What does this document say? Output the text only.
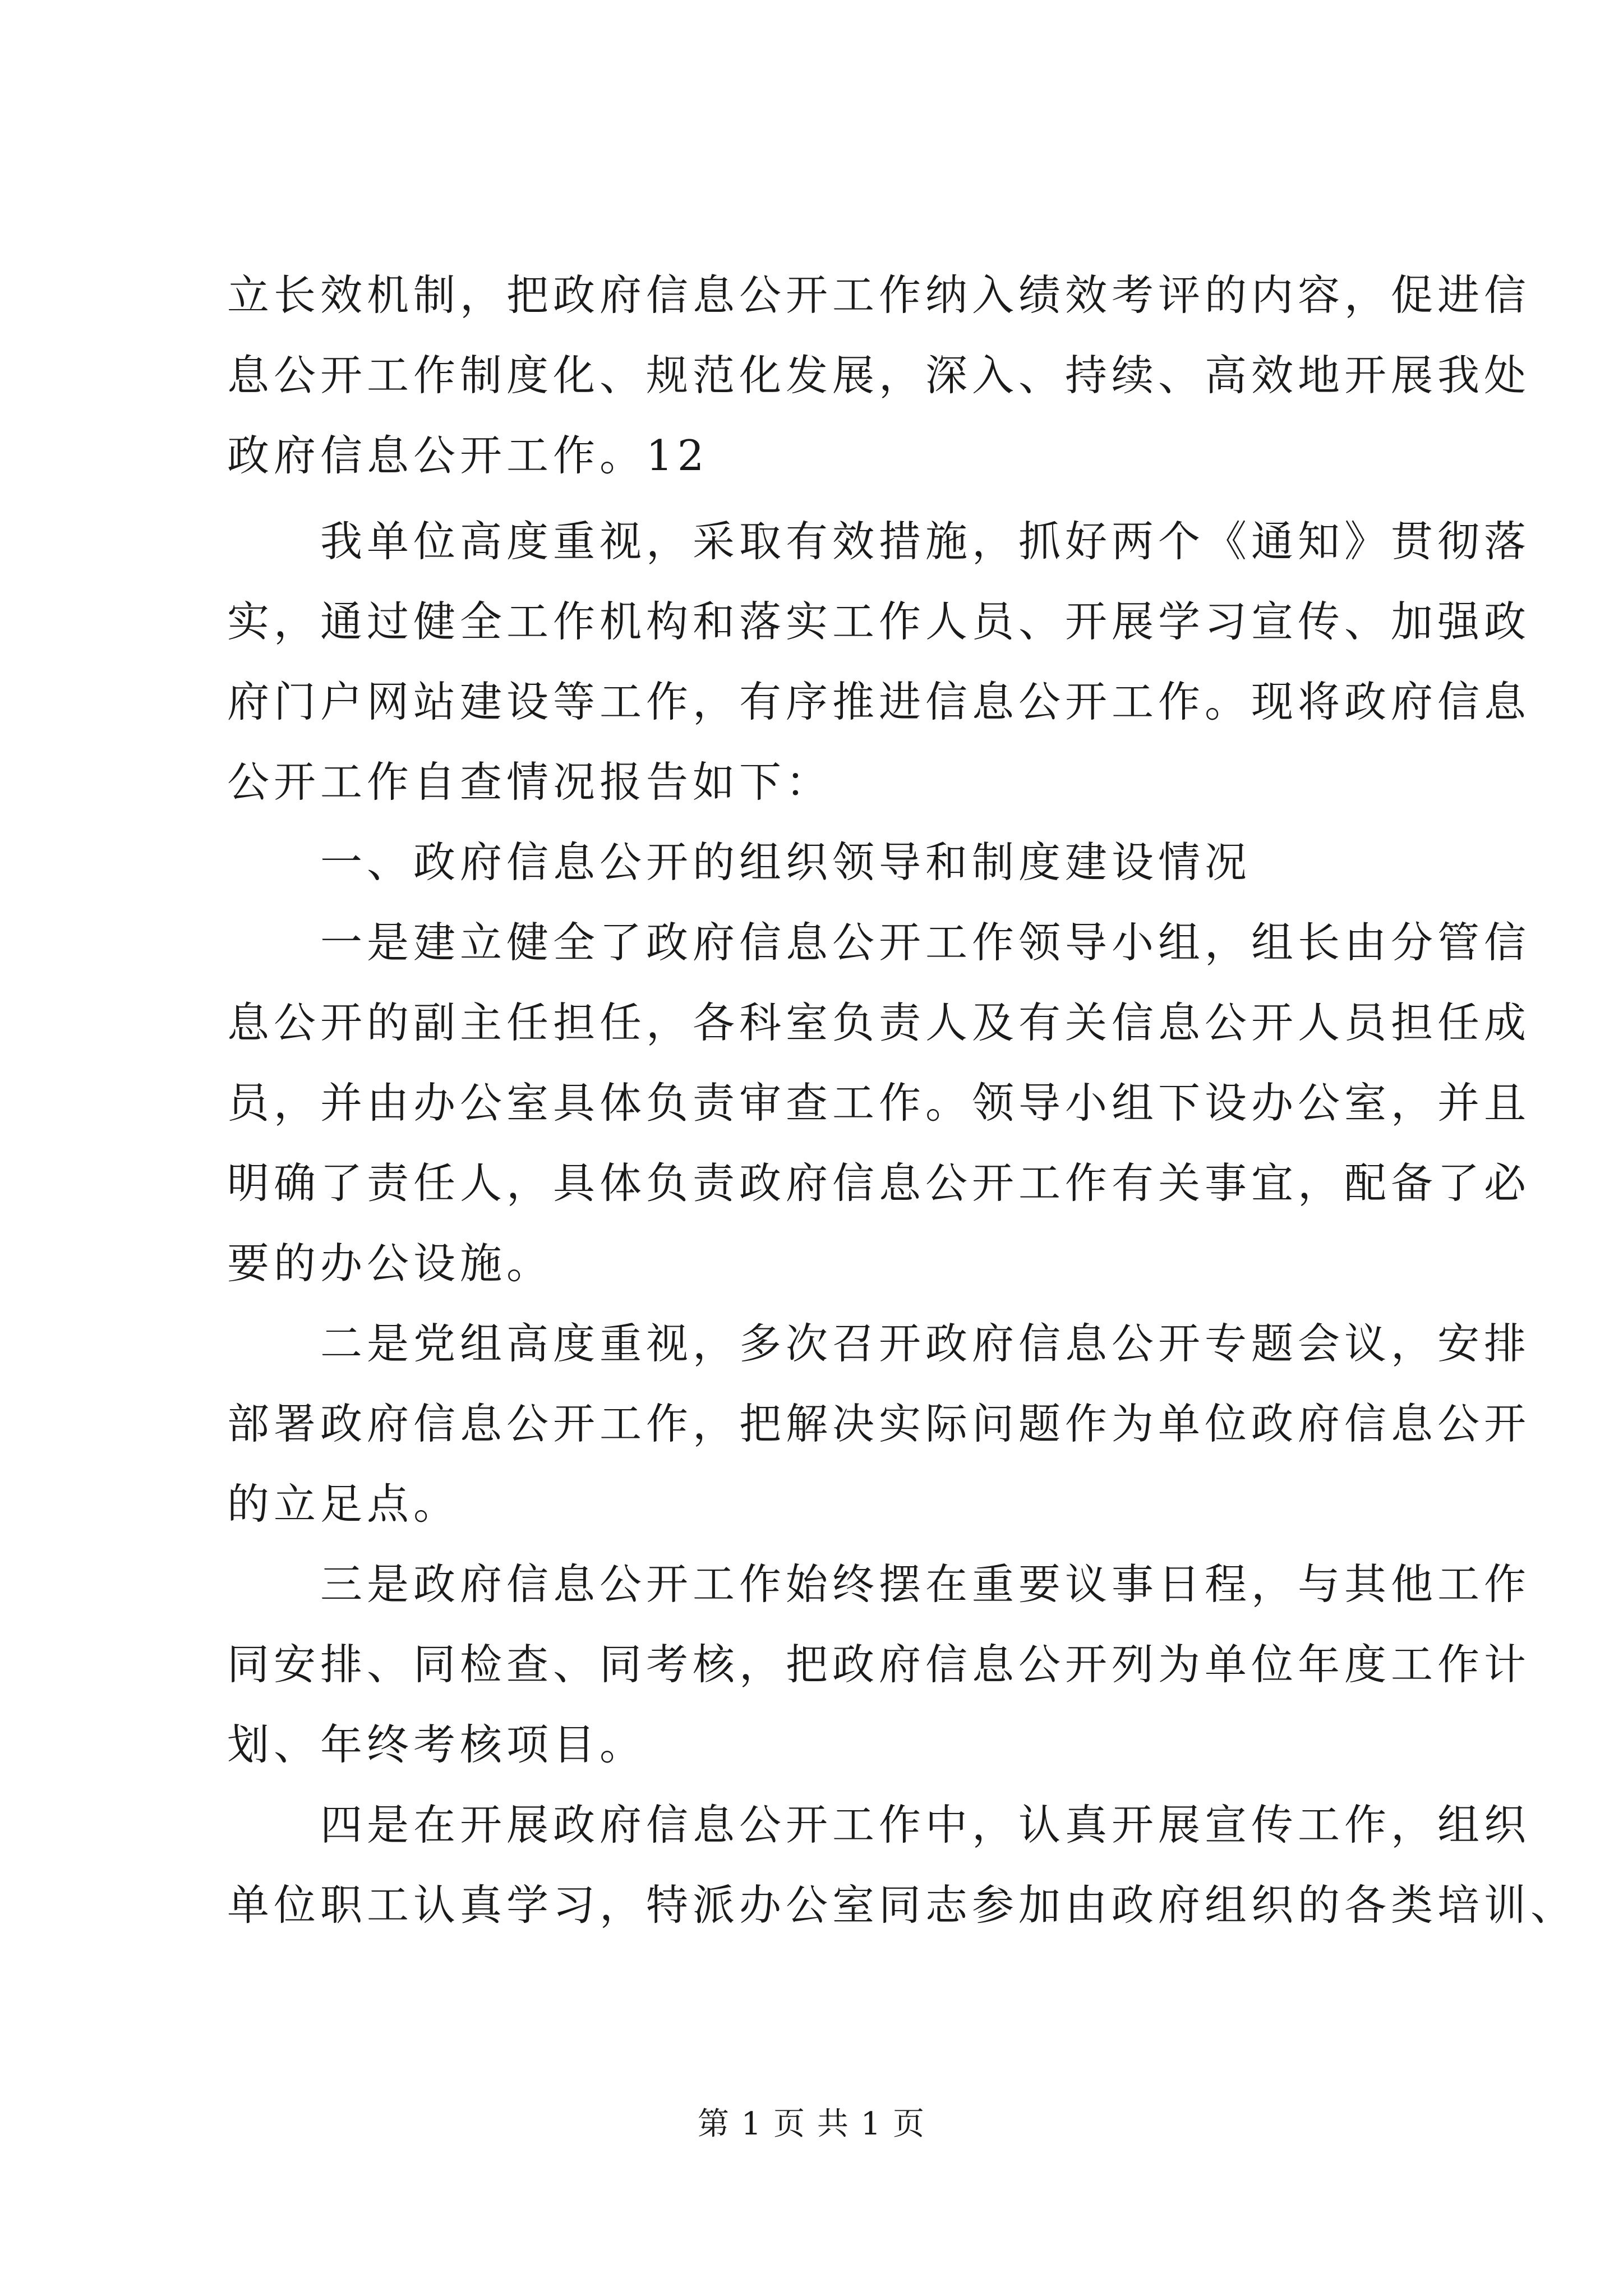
立长效机制，把政府信息公开工作纳入绩效考评的内容，促进信

息公开工作制度化、规范化发展，深入、持续、高效地开展我处

政府信息公开工作。12

我单位高度重视，采取有效措施，抓好两个《通知》贯彻落

实，通过健全工作机构和落实工作人员、开展学习宣传、加强政

府门户网站建设等工作，有序推进信息公开工作。现将政府信息

公开工作自查情况报告如下：

一、政府信息公开的组织领导和制度建设情况

一是建立健全了政府信息公开工作领导小组，组长由分管信

息公开的副主任担任，各科室负责人及有关信息公开人员担任成

员，并由办公室具体负责审查工作。领导小组下设办公室，并且

明确了责任人，具体负责政府信息公开工作有关事宜，配备了必

要的办公设施。

二是党组高度重视，多次召开政府信息公开专题会议，安排

部署政府信息公开工作，把解决实际问题作为单位政府信息公开

的立足点。

三是政府信息公开工作始终摆在重要议事日程，与其他工作

同安排、同检查、同考核，把政府信息公开列为单位年度工作计

划、年终考核项目。

四是在开展政府信息公开工作中，认真开展宣传工作，组织

单位职工认真学习，特派办公室同志参加由政府组织的各类培训、

第 1 页 共 1 页
